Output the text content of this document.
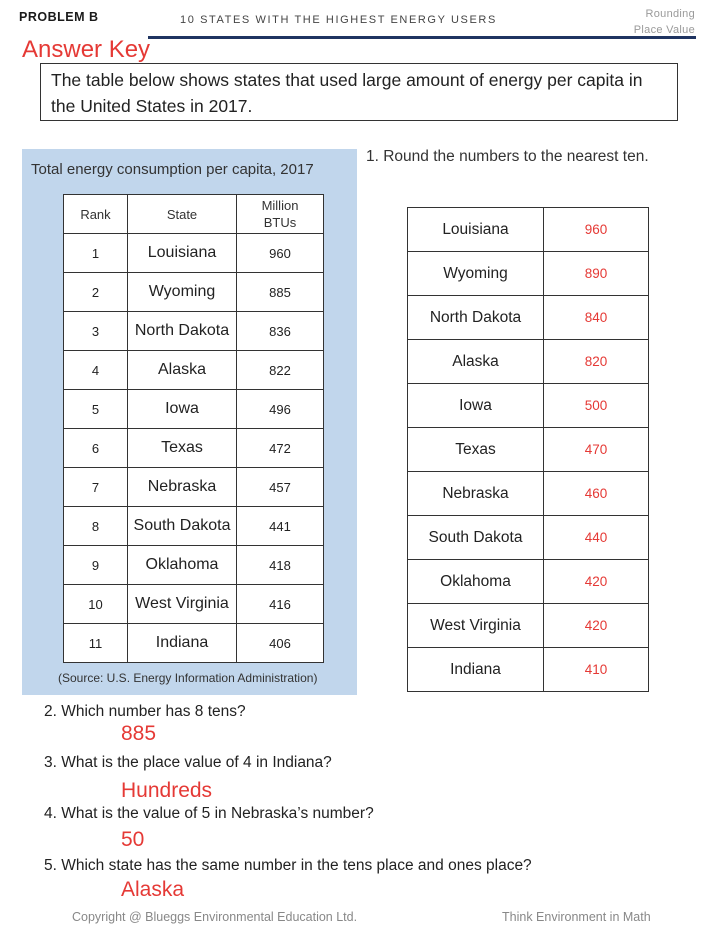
PROBLEM B	10 STATES WITH THE HIGHEST ENERGY USERS	Rounding
Place Value
Answer Key
The table below shows states that used large amount of energy per capita in the United States in 2017.
Total energy consumption per capita, 2017
Rank	State	Million
BTUs

1	Louisiana	960
2	Wyoming	885
3	North Dakota	836
4	Alaska	822
5	Iowa	496
6	Texas	472
7	Nebraska	457
8	South Dakota	441
9	Oklahoma	418
10	West Virginia	416
11	Indiana	406
(Source: U.S. Energy Information Administration)
1. Round the numbers to the nearest ten.
Louisiana	960
Wyoming	890
North Dakota	840
Alaska	820
Iowa	500
Texas	470
Nebraska	460
South Dakota	440
Oklahoma	420
West Virginia	420
Indiana	410
2. Which number has 8 tens?
885
3. What is the place value of 4 in Indiana?
Hundreds
4. What is the value of 5 in Nebraska’s number?
50
5. Which state has the same number in the tens place and ones place?
Alaska
Copyright @ Blueggs Environmental Education Ltd.	Think Environment in Math
